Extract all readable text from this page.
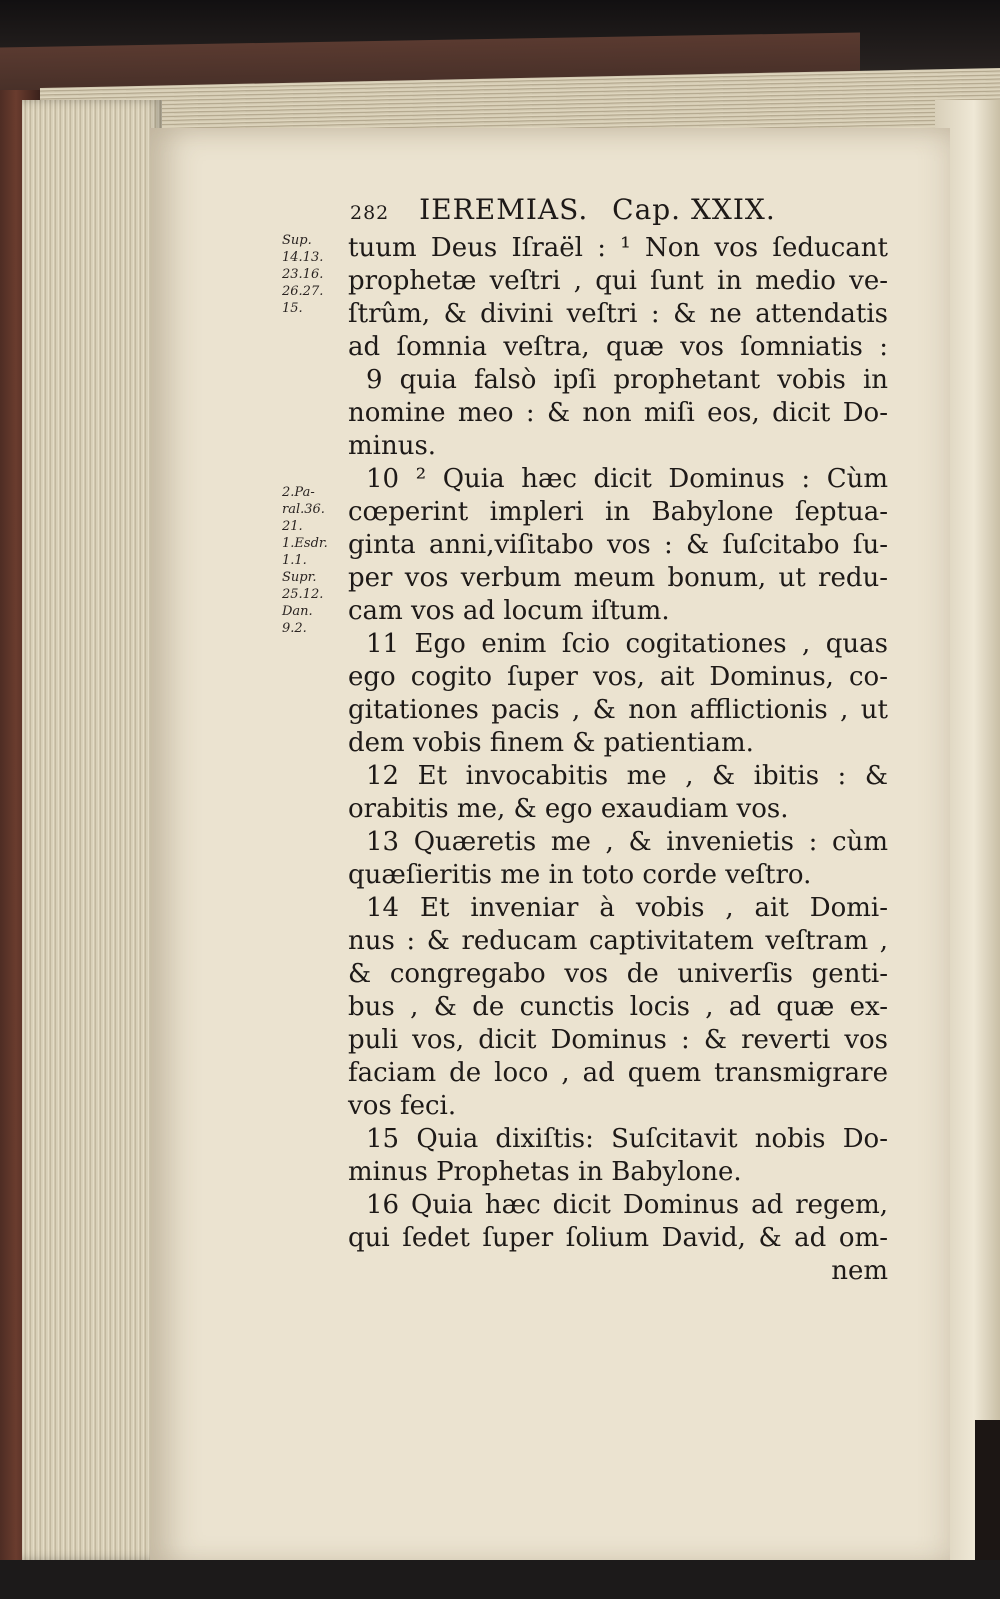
282 IEREMIAS. Cap. XXIX.
Sup.
14.13.
23.16.
26.27.
15.
2.Pa-
ral.36.
21.
1.Esdr.
1.1.
Supr.
25.12.
Dan.
9.2.
tuum Deus Iſraël : ¹ Non vos ſeducant
prophetæ veſtri , qui ſunt in medio ve-
ſtrûm, & divini veſtri : & ne attendatis
ad ſomnia veſtra, quæ vos ſomniatis :
9 quia falsò ipſi prophetant vobis in
nomine meo : & non miſi eos, dicit Do-
minus.
10 ² Quia hæc dicit Dominus : Cùm
cœperint impleri in Babylone ſeptua-
ginta anni,viſitabo vos : & ſuſcitabo ſu-
per vos verbum meum bonum, ut redu-
cam vos ad locum iſtum.
11 Ego enim ſcio cogitationes , quas
ego cogito ſuper vos, ait Dominus, co-
gitationes pacis , & non afflictionis , ut
dem vobis finem & patientiam.
12 Et invocabitis me , & ibitis : &
orabitis me, & ego exaudiam vos.
13 Quæretis me , & invenietis : cùm
quæſieritis me in toto corde veſtro.
14 Et inveniar à vobis , ait Domi-
nus : & reducam captivitatem veſtram ,
& congregabo vos de univerſis genti-
bus , & de cunctis locis , ad quæ ex-
puli vos, dicit Dominus : & reverti vos
faciam de loco , ad quem transmigrare
vos feci.
15 Quia dixiſtis: Suſcitavit nobis Do-
minus Prophetas in Babylone.
16 Quia hæc dicit Dominus ad regem,
qui ſedet ſuper ſolium David, & ad om-
nem
